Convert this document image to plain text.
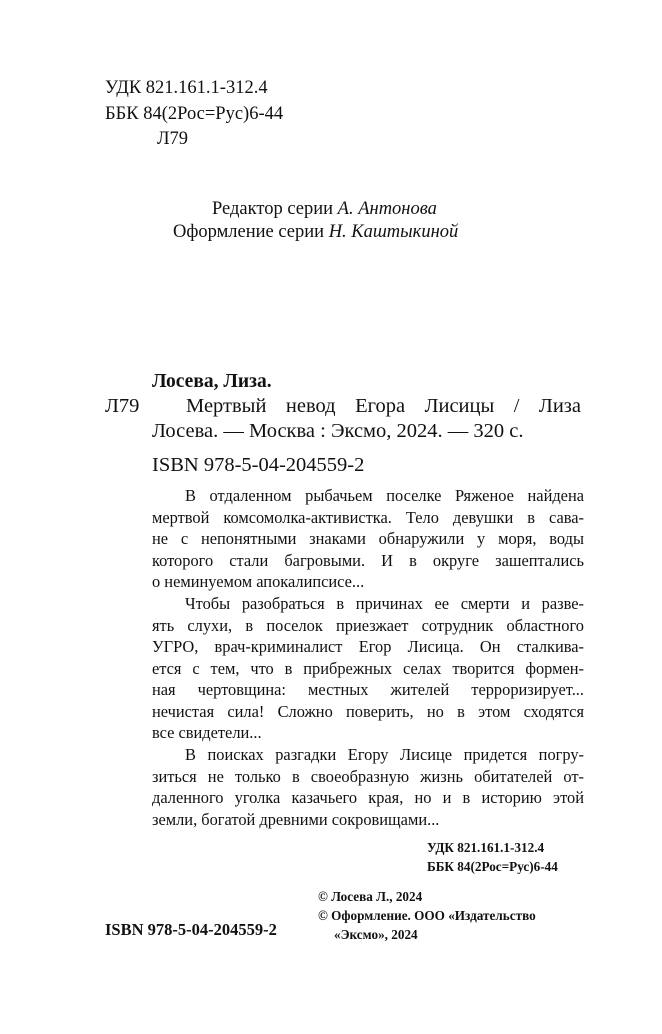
УДК 821.161.1-312.4
ББК 84(2Рос=Рус)6-44
Л79
Редактор серии А. Антонова
Оформление серии Н. Каштыкиной
Лосева, Лиза.
Л79 Мертвый невод Егора Лисицы / Лиза
Лосева. — Москва : Эксмо, 2024. — 320 с.
ISBN 978-5-04-204559-2
В отдаленном рыбачьем поселке Ряженое найдена
мертвой комсомолка-активистка. Тело девушки в сава-
не с непонятными знаками обнаружили у моря, воды
которого стали багровыми. И в округе зашептались
о неминуемом апокалипсисе...
Чтобы разобраться в причинах ее смерти и разве-
ять слухи, в поселок приезжает сотрудник областного
УГРО, врач-криминалист Егор Лисица. Он сталкива-
ется с тем, что в прибрежных селах творится формен-
ная чертовщина: местных жителей терроризирует...
нечистая сила! Сложно поверить, но в этом сходятся
все свидетели...
В поисках разгадки Егору Лисице придется погру-
зиться не только в своеобразную жизнь обитателей от-
даленного уголка казачьего края, но и в историю этой
земли, богатой древними сокровищами...
УДК 821.161.1-312.4
ББК 84(2Рос=Рус)6-44
© Лосева Л., 2024
© Оформление. ООО «Издательство
«Эксмо», 2024
ISBN 978-5-04-204559-2
